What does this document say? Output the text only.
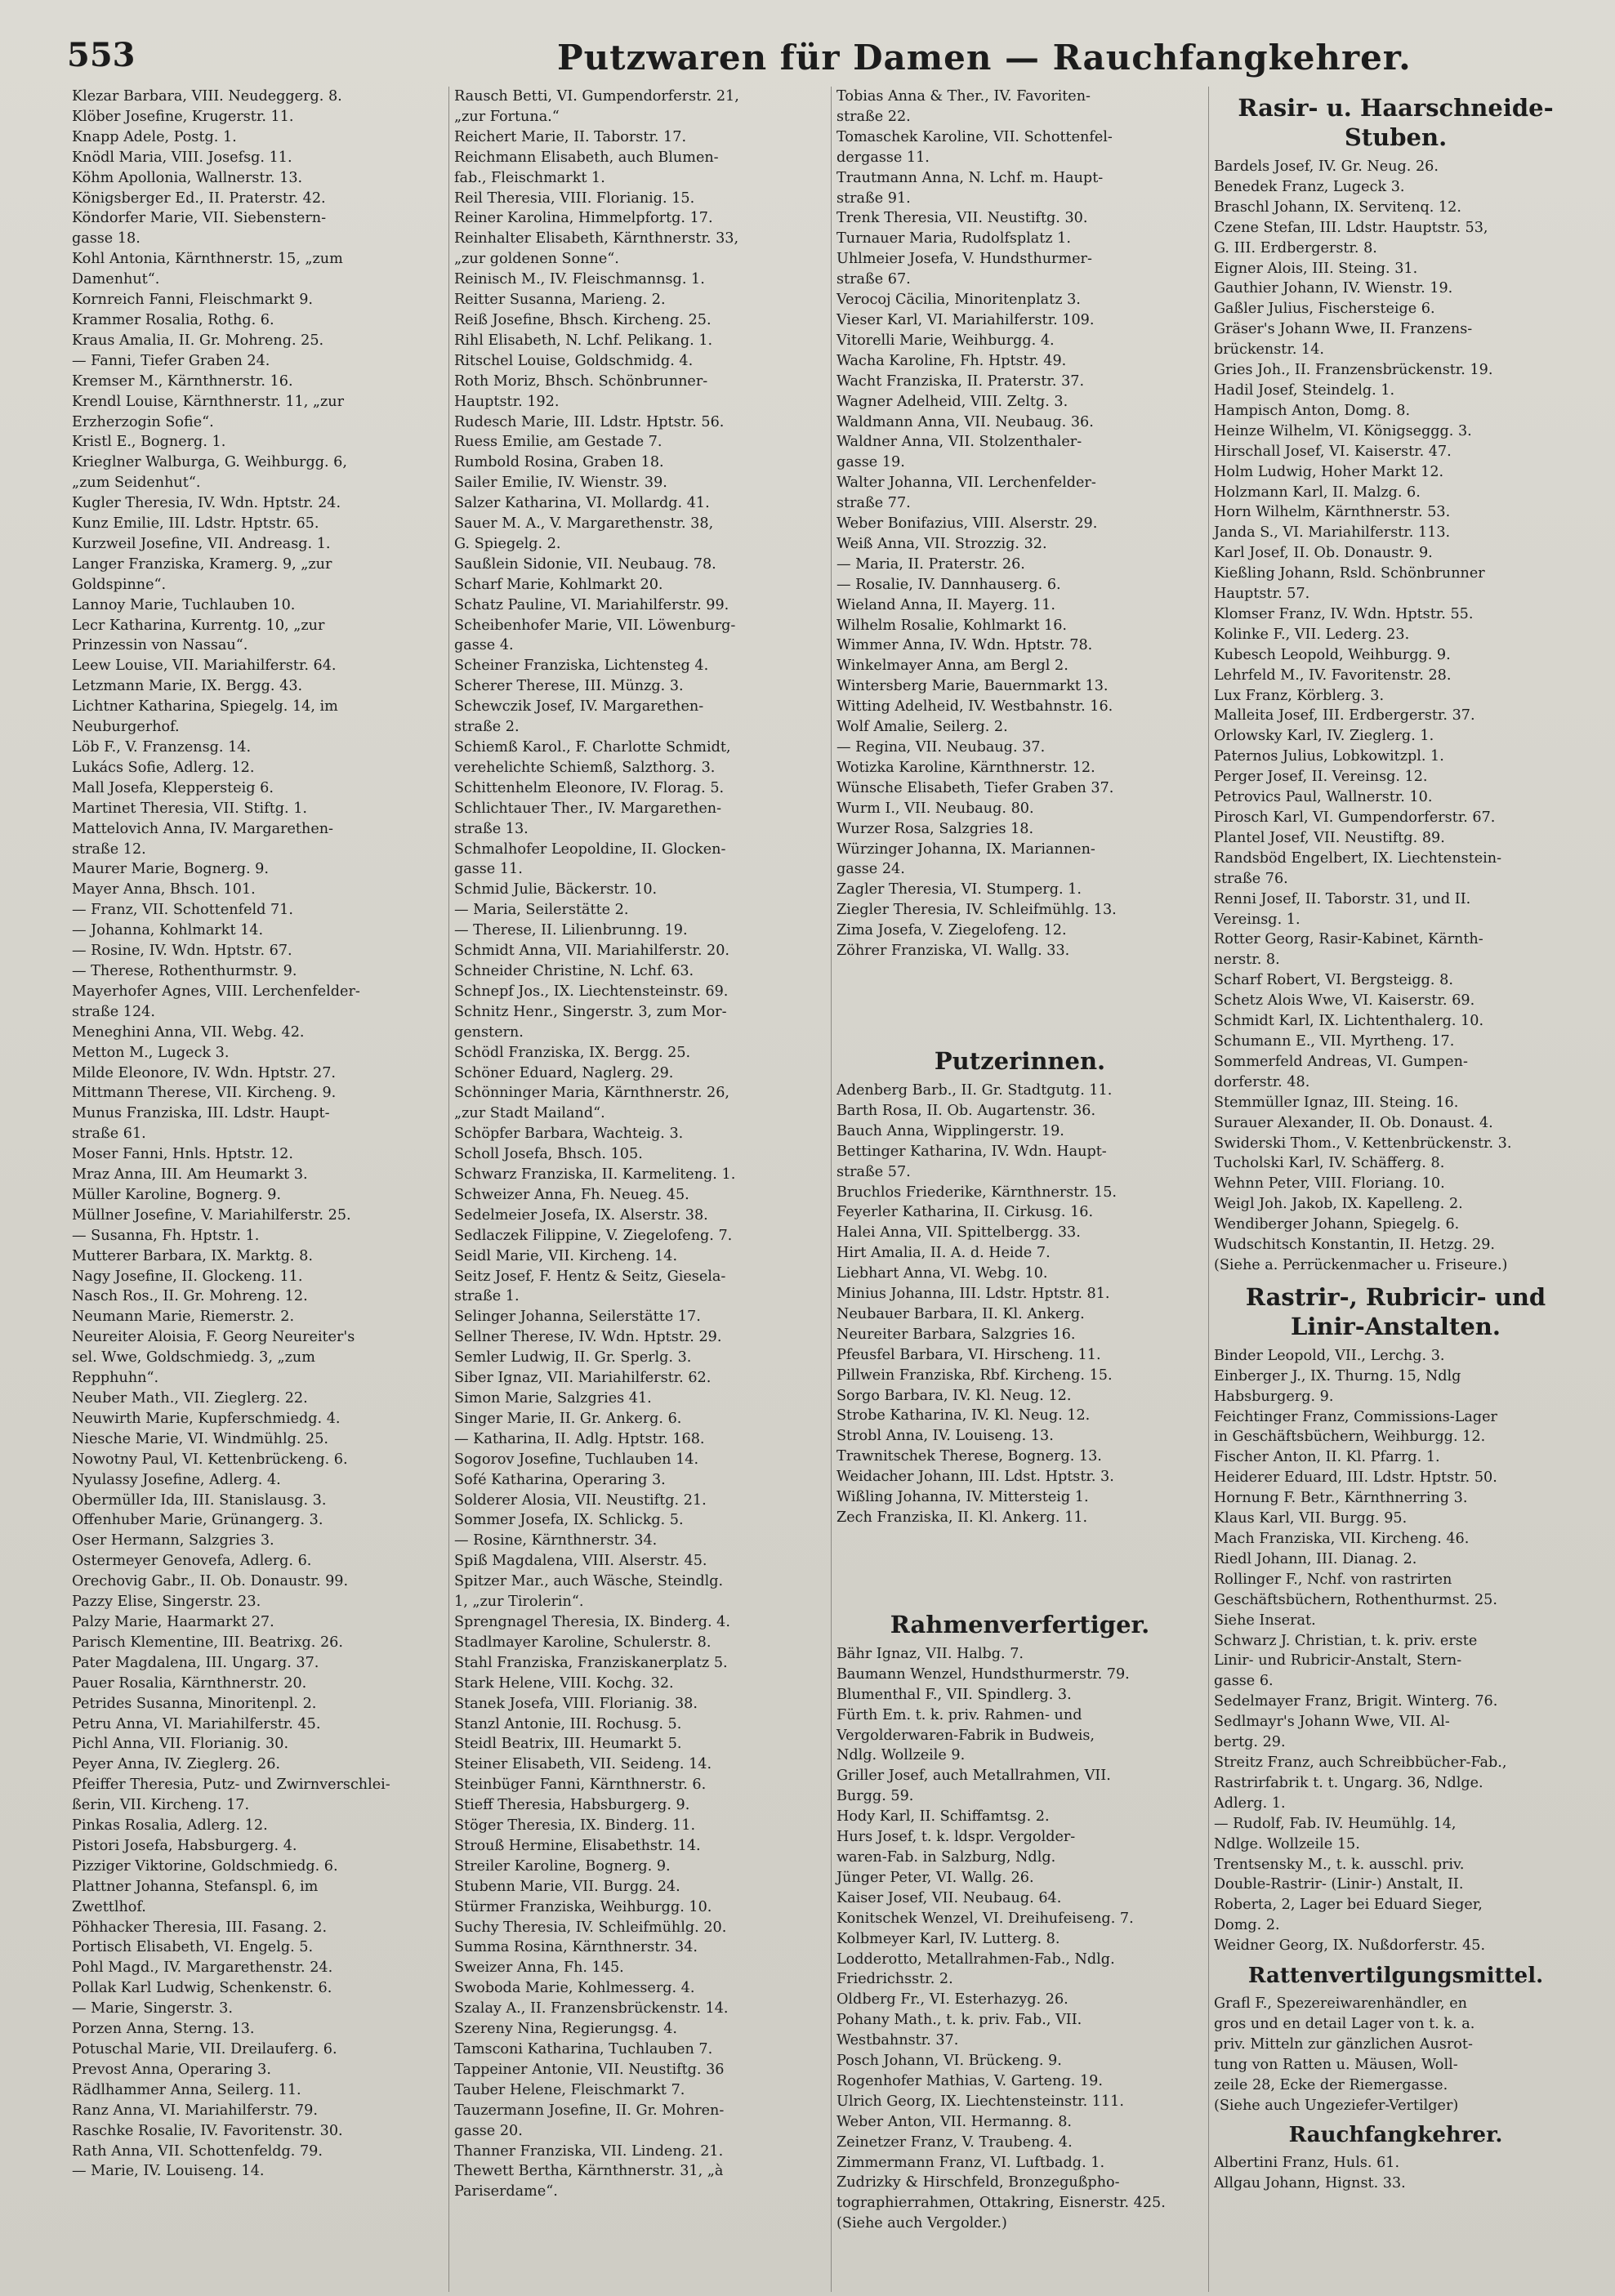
553	Putzwaren für Damen — Rauchfangkehrer.
Klezar Barbara, VIII. Neudeggerg. 8.
Klöber Josefine, Krugerstr. 11.
Knapp Adele, Postg. 1.
Knödl Maria, VIII. Josefsg. 11.
Köhm Apollonia, Wallnerstr. 13.
Königsberger Ed., II. Praterstr. 42.
Köndorfer Marie, VII. Siebenstern-
gasse 18.
Kohl Antonia, Kärnthnerstr. 15, „zum
Damenhut“.
Kornreich Fanni, Fleischmarkt 9.
Krammer Rosalia, Rothg. 6.
Kraus Amalia, II. Gr. Mohreng. 25.
— Fanni, Tiefer Graben 24.
Kremser M., Kärnthnerstr. 16.
Krendl Louise, Kärnthnerstr. 11, „zur
Erzherzogin Sofie“.
Kristl E., Bognerg. 1.
Krieglner Walburga, G. Weihburgg. 6,
„zum Seidenhut“.
Kugler Theresia, IV. Wdn. Hptstr. 24.
Kunz Emilie, III. Ldstr. Hptstr. 65.
Kurzweil Josefine, VII. Andreasg. 1.
Langer Franziska, Kramerg. 9, „zur
Goldspinne“.
Lannoy Marie, Tuchlauben 10.
Lecr Katharina, Kurrentg. 10, „zur
Prinzessin von Nassau“.
Leew Louise, VII. Mariahilferstr. 64.
Letzmann Marie, IX. Bergg. 43.
Lichtner Katharina, Spiegelg. 14, im
Neuburgerhof.
Löb F., V. Franzensg. 14.
Lukács Sofie, Adlerg. 12.
Mall Josefa, Kleppersteig 6.
Martinet Theresia, VII. Stiftg. 1.
Mattelovich Anna, IV. Margarethen-
straße 12.
Maurer Marie, Bognerg. 9.
Mayer Anna, Bhsch. 101.
— Franz, VII. Schottenfeld 71.
— Johanna, Kohlmarkt 14.
— Rosine, IV. Wdn. Hptstr. 67.
— Therese, Rothenthurmstr. 9.
Mayerhofer Agnes, VIII. Lerchenfelder-
straße 124.
Meneghini Anna, VII. Webg. 42.
Metton M., Lugeck 3.
Milde Eleonore, IV. Wdn. Hptstr. 27.
Mittmann Therese, VII. Kircheng. 9.
Munus Franziska, III. Ldstr. Haupt-
straße 61.
Moser Fanni, Hnls. Hptstr. 12.
Mraz Anna, III. Am Heumarkt 3.
Müller Karoline, Bognerg. 9.
Müllner Josefine, V. Mariahilferstr. 25.
— Susanna, Fh. Hptstr. 1.
Mutterer Barbara, IX. Marktg. 8.
Nagy Josefine, II. Glockeng. 11.
Nasch Ros., II. Gr. Mohreng. 12.
Neumann Marie, Riemerstr. 2.
Neureiter Aloisia, F. Georg Neureiter's
sel. Wwe, Goldschmiedg. 3, „zum
Repphuhn“.
Neuber Math., VII. Zieglerg. 22.
Neuwirth Marie, Kupferschmiedg. 4.
Niesche Marie, VI. Windmühlg. 25.
Nowotny Paul, VI. Kettenbrückeng. 6.
Nyulassy Josefine, Adlerg. 4.
Obermüller Ida, III. Stanislausg. 3.
Offenhuber Marie, Grünangerg. 3.
Oser Hermann, Salzgries 3.
Ostermeyer Genovefa, Adlerg. 6.
Orechovig Gabr., II. Ob. Donaustr. 99.
Pazzy Elise, Singerstr. 23.
Palzy Marie, Haarmarkt 27.
Parisch Klementine, III. Beatrixg. 26.
Pater Magdalena, III. Ungarg. 37.
Pauer Rosalia, Kärnthnerstr. 20.
Petrides Susanna, Minoritenpl. 2.
Petru Anna, VI. Mariahilferstr. 45.
Pichl Anna, VII. Florianig. 30.
Peyer Anna, IV. Zieglerg. 26.
Pfeiffer Theresia, Putz- und Zwirnverschlei-
ßerin, VII. Kircheng. 17.
Pinkas Rosalia, Adlerg. 12.
Pistori Josefa, Habsburgerg. 4.
Pizziger Viktorine, Goldschmiedg. 6.
Plattner Johanna, Stefanspl. 6, im
Zwettlhof.
Pöhhacker Theresia, III. Fasang. 2.
Portisch Elisabeth, VI. Engelg. 5.
Pohl Magd., IV. Margarethenstr. 24.
Pollak Karl Ludwig, Schenkenstr. 6.
— Marie, Singerstr. 3.
Porzen Anna, Sterng. 13.
Potuschal Marie, VII. Dreilauferg. 6.
Prevost Anna, Operaring 3.
Rädlhammer Anna, Seilerg. 11.
Ranz Anna, VI. Mariahilferstr. 79.
Raschke Rosalie, IV. Favoritenstr. 30.
Rath Anna, VII. Schottenfeldg. 79.
— Marie, IV. Louiseng. 14.
Rausch Betti, VI. Gumpendorferstr. 21,
„zur Fortuna.“
Reichert Marie, II. Taborstr. 17.
Reichmann Elisabeth, auch Blumen-
fab., Fleischmarkt 1.
Reil Theresia, VIII. Florianig. 15.
Reiner Karolina, Himmelpfortg. 17.
Reinhalter Elisabeth, Kärnthnerstr. 33,
„zur goldenen Sonne“.
Reinisch M., IV. Fleischmannsg. 1.
Reitter Susanna, Marieng. 2.
Reiß Josefine, Bhsch. Kircheng. 25.
Rihl Elisabeth, N. Lchf. Pelikang. 1.
Ritschel Louise, Goldschmidg. 4.
Roth Moriz, Bhsch. Schönbrunner-
Hauptstr. 192.
Rudesch Marie, III. Ldstr. Hptstr. 56.
Ruess Emilie, am Gestade 7.
Rumbold Rosina, Graben 18.
Sailer Emilie, IV. Wienstr. 39.
Salzer Katharina, VI. Mollardg. 41.
Sauer M. A., V. Margarethenstr. 38,
G. Spiegelg. 2.
Saußlein Sidonie, VII. Neubaug. 78.
Scharf Marie, Kohlmarkt 20.
Schatz Pauline, VI. Mariahilferstr. 99.
Scheibenhofer Marie, VII. Löwenburg-
gasse 4.
Scheiner Franziska, Lichtensteg 4.
Scherer Therese, III. Münzg. 3.
Schewczik Josef, IV. Margarethen-
straße 2.
Schiemß Karol., F. Charlotte Schmidt,
verehelichte Schiemß, Salzthorg. 3.
Schittenhelm Eleonore, IV. Florag. 5.
Schlichtauer Ther., IV. Margarethen-
straße 13.
Schmalhofer Leopoldine, II. Glocken-
gasse 11.
Schmid Julie, Bäckerstr. 10.
— Maria, Seilerstätte 2.
— Therese, II. Lilienbrunng. 19.
Schmidt Anna, VII. Mariahilferstr. 20.
Schneider Christine, N. Lchf. 63.
Schnepf Jos., IX. Liechtensteinstr. 69.
Schnitz Henr., Singerstr. 3, zum Mor-
genstern.
Schödl Franziska, IX. Bergg. 25.
Schöner Eduard, Naglerg. 29.
Schönninger Maria, Kärnthnerstr. 26,
„zur Stadt Mailand“.
Schöpfer Barbara, Wachteig. 3.
Scholl Josefa, Bhsch. 105.
Schwarz Franziska, II. Karmeliteng. 1.
Schweizer Anna, Fh. Neueg. 45.
Sedelmeier Josefa, IX. Alserstr. 38.
Sedlaczek Filippine, V. Ziegelofeng. 7.
Seidl Marie, VII. Kircheng. 14.
Seitz Josef, F. Hentz & Seitz, Giesela-
straße 1.
Selinger Johanna, Seilerstätte 17.
Sellner Therese, IV. Wdn. Hptstr. 29.
Semler Ludwig, II. Gr. Sperlg. 3.
Siber Ignaz, VII. Mariahilferstr. 62.
Simon Marie, Salzgries 41.
Singer Marie, II. Gr. Ankerg. 6.
— Katharina, II. Adlg. Hptstr. 168.
Sogorov Josefine, Tuchlauben 14.
Sofé Katharina, Operaring 3.
Solderer Alosia, VII. Neustiftg. 21.
Sommer Josefa, IX. Schlickg. 5.
— Rosine, Kärnthnerstr. 34.
Spiß Magdalena, VIII. Alserstr. 45.
Spitzer Mar., auch Wäsche, Steindlg.
1, „zur Tirolerin“.
Sprengnagel Theresia, IX. Binderg. 4.
Stadlmayer Karoline, Schulerstr. 8.
Stahl Franziska, Franziskanerplatz 5.
Stark Helene, VIII. Kochg. 32.
Stanek Josefa, VIII. Florianig. 38.
Stanzl Antonie, III. Rochusg. 5.
Steidl Beatrix, III. Heumarkt 5.
Steiner Elisabeth, VII. Seideng. 14.
Steinbüger Fanni, Kärnthnerstr. 6.
Stieff Theresia, Habsburgerg. 9.
Stöger Theresia, IX. Binderg. 11.
Strouß Hermine, Elisabethstr. 14.
Streiler Karoline, Bognerg. 9.
Stubenn Marie, VII. Burgg. 24.
Stürmer Franziska, Weihburgg. 10.
Suchy Theresia, IV. Schleifmühlg. 20.
Summa Rosina, Kärnthnerstr. 34.
Sweizer Anna, Fh. 145.
Swoboda Marie, Kohlmesserg. 4.
Szalay A., II. Franzensbrückenstr. 14.
Szereny Nina, Regierungsg. 4.
Tamsconi Katharina, Tuchlauben 7.
Tappeiner Antonie, VII. Neustiftg. 36
Tauber Helene, Fleischmarkt 7.
Tauzermann Josefine, II. Gr. Mohren-
gasse 20.
Thanner Franziska, VII. Lindeng. 21.
Thewett Bertha, Kärnthnerstr. 31, „à
Pariserdame“.
Tobias Anna & Ther., IV. Favoriten-
straße 22.
Tomaschek Karoline, VII. Schottenfel-
dergasse 11.
Trautmann Anna, N. Lchf. m. Haupt-
straße 91.
Trenk Theresia, VII. Neustiftg. 30.
Turnauer Maria, Rudolfsplatz 1.
Uhlmeier Josefa, V. Hundsthurmer-
straße 67.
Verocoj Cäcilia, Minoritenplatz 3.
Vieser Karl, VI. Mariahilferstr. 109.
Vitorelli Marie, Weihburgg. 4.
Wacha Karoline, Fh. Hptstr. 49.
Wacht Franziska, II. Praterstr. 37.
Wagner Adelheid, VIII. Zeltg. 3.
Waldmann Anna, VII. Neubaug. 36.
Waldner Anna, VII. Stolzenthaler-
gasse 19.
Walter Johanna, VII. Lerchenfelder-
straße 77.
Weber Bonifazius, VIII. Alserstr. 29.
Weiß Anna, VII. Strozzig. 32.
— Maria, II. Praterstr. 26.
— Rosalie, IV. Dannhauserg. 6.
Wieland Anna, II. Mayerg. 11.
Wilhelm Rosalie, Kohlmarkt 16.
Wimmer Anna, IV. Wdn. Hptstr. 78.
Winkelmayer Anna, am Bergl 2.
Wintersberg Marie, Bauernmarkt 13.
Witting Adelheid, IV. Westbahnstr. 16.
Wolf Amalie, Seilerg. 2.
— Regina, VII. Neubaug. 37.
Wotizka Karoline, Kärnthnerstr. 12.
Wünsche Elisabeth, Tiefer Graben 37.
Wurm I., VII. Neubaug. 80.
Wurzer Rosa, Salzgries 18.
Würzinger Johanna, IX. Mariannen-
gasse 24.
Zagler Theresia, VI. Stumperg. 1.
Ziegler Theresia, IV. Schleifmühlg. 13.
Zima Josefa, V. Ziegelofeng. 12.
Zöhrer Franziska, VI. Wallg. 33.
Putzerinnen.
Adenberg Barb., II. Gr. Stadtgutg. 11.
Barth Rosa, II. Ob. Augartenstr. 36.
Bauch Anna, Wipplingerstr. 19.
Bettinger Katharina, IV. Wdn. Haupt-
straße 57.
Bruchlos Friederike, Kärnthnerstr. 15.
Feyerler Katharina, II. Cirkusg. 16.
Halei Anna, VII. Spittelbergg. 33.
Hirt Amalia, II. A. d. Heide 7.
Liebhart Anna, VI. Webg. 10.
Minius Johanna, III. Ldstr. Hptstr. 81.
Neubauer Barbara, II. Kl. Ankerg.
Neureiter Barbara, Salzgries 16.
Pfeusfel Barbara, VI. Hirscheng. 11.
Pillwein Franziska, Rbf. Kircheng. 15.
Sorgo Barbara, IV. Kl. Neug. 12.
Strobe Katharina, IV. Kl. Neug. 12.
Strobl Anna, IV. Louiseng. 13.
Trawnitschek Therese, Bognerg. 13.
Weidacher Johann, III. Ldst. Hptstr. 3.
Wißling Johanna, IV. Mittersteig 1.
Zech Franziska, II. Kl. Ankerg. 11.
Rahmenverfertiger.
Bähr Ignaz, VII. Halbg. 7.
Baumann Wenzel, Hundsthurmerstr. 79.
Blumenthal F., VII. Spindlerg. 3.
Fürth Em. t. k. priv. Rahmen- und
Vergolderwaren-Fabrik in Budweis,
Ndlg. Wollzeile 9.
Griller Josef, auch Metallrahmen, VII.
Burgg. 59.
Hody Karl, II. Schiffamtsg. 2.
Hurs Josef, t. k. ldspr. Vergolder-
waren-Fab. in Salzburg, Ndlg.
Jünger Peter, VI. Wallg. 26.
Kaiser Josef, VII. Neubaug. 64.
Konitschek Wenzel, VI. Dreihufeiseng. 7.
Kolbmeyer Karl, IV. Lutterg. 8.
Lodderotto, Metallrahmen-Fab., Ndlg.
Friedrichsstr. 2.
Oldberg Fr., VI. Esterhazyg. 26.
Pohany Math., t. k. priv. Fab., VII.
Westbahnstr. 37.
Posch Johann, VI. Brückeng. 9.
Rogenhofer Mathias, V. Garteng. 19.
Ulrich Georg, IX. Liechtensteinstr. 111.
Weber Anton, VII. Hermanng. 8.
Zeinetzer Franz, V. Traubeng. 4.
Zimmermann Franz, VI. Luftbadg. 1.
Zudrizky & Hirschfeld, Bronzegußpho-
tographierrahmen, Ottakring, Eisnerstr. 425.
(Siehe auch Vergolder.)
Rasir- u. Haarschneide-Stuben.
Bardels Josef, IV. Gr. Neug. 26.
Benedek Franz, Lugeck 3.
Braschl Johann, IX. Servitenq. 12.
Czene Stefan, III. Ldstr. Hauptstr. 53,
G. III. Erdbergerstr. 8.
Eigner Alois, III. Steing. 31.
Gauthier Johann, IV. Wienstr. 19.
Gaßler Julius, Fischersteige 6.
Gräser's Johann Wwe, II. Franzens-
brückenstr. 14.
Gries Joh., II. Franzensbrückenstr. 19.
Hadil Josef, Steindelg. 1.
Hampisch Anton, Domg. 8.
Heinze Wilhelm, VI. Königseggg. 3.
Hirschall Josef, VI. Kaiserstr. 47.
Holm Ludwig, Hoher Markt 12.
Holzmann Karl, II. Malzg. 6.
Horn Wilhelm, Kärnthnerstr. 53.
Janda S., VI. Mariahilferstr. 113.
Karl Josef, II. Ob. Donaustr. 9.
Kießling Johann, Rsld. Schönbrunner
Hauptstr. 57.
Klomser Franz, IV. Wdn. Hptstr. 55.
Kolinke F., VII. Lederg. 23.
Kubesch Leopold, Weihburgg. 9.
Lehrfeld M., IV. Favoritenstr. 28.
Lux Franz, Körblerg. 3.
Malleita Josef, III. Erdbergerstr. 37.
Orlowsky Karl, IV. Zieglerg. 1.
Paternos Julius, Lobkowitzpl. 1.
Perger Josef, II. Vereinsg. 12.
Petrovics Paul, Wallnerstr. 10.
Pirosch Karl, VI. Gumpendorferstr. 67.
Plantel Josef, VII. Neustiftg. 89.
Randsböd Engelbert, IX. Liechtenstein-
straße 76.
Renni Josef, II. Taborstr. 31, und II.
Vereinsg. 1.
Rotter Georg, Rasir-Kabinet, Kärnth-
nerstr. 8.
Scharf Robert, VI. Bergsteigg. 8.
Schetz Alois Wwe, VI. Kaiserstr. 69.
Schmidt Karl, IX. Lichtenthalerg. 10.
Schumann E., VII. Myrtheng. 17.
Sommerfeld Andreas, VI. Gumpen-
dorferstr. 48.
Stemmüller Ignaz, III. Steing. 16.
Surauer Alexander, II. Ob. Donaust. 4.
Swiderski Thom., V. Kettenbrückenstr. 3.
Tucholski Karl, IV. Schäfferg. 8.
Wehnn Peter, VIII. Floriang. 10.
Weigl Joh. Jakob, IX. Kapelleng. 2.
Wendiberger Johann, Spiegelg. 6.
Wudschitsch Konstantin, II. Hetzg. 29.
(Siehe a. Perrückenmacher u. Friseure.)
Rastrir-, Rubricir- und Linir-Anstalten.
Binder Leopold, VII., Lerchg. 3.
Einberger J., IX. Thurng. 15, Ndlg
Habsburgerg. 9.
Feichtinger Franz, Commissions-Lager
in Geschäftsbüchern, Weihburgg. 12.
Fischer Anton, II. Kl. Pfarrg. 1.
Heiderer Eduard, III. Ldstr. Hptstr. 50.
Hornung F. Betr., Kärnthnerring 3.
Klaus Karl, VII. Burgg. 95.
Mach Franziska, VII. Kircheng. 46.
Riedl Johann, III. Dianag. 2.
Rollinger F., Nchf. von rastrirten
Geschäftsbüchern, Rothenthurmst. 25.
Siehe Inserat.
Schwarz J. Christian, t. k. priv. erste
Linir- und Rubricir-Anstalt, Stern-
gasse 6.
Sedelmayer Franz, Brigit. Winterg. 76.
Sedlmayr's Johann Wwe, VII. Al-
bertg. 29.
Streitz Franz, auch Schreibbücher-Fab.,
Rastrirfabrik t. t. Ungarg. 36, Ndlge.
Adlerg. 1.
— Rudolf, Fab. IV. Heumühlg. 14,
Ndlge. Wollzeile 15.
Trentsensky M., t. k. ausschl. priv.
Double-Rastrir- (Linir-) Anstalt, II.
Roberta, 2, Lager bei Eduard Sieger,
Domg. 2.
Weidner Georg, IX. Nußdorferstr. 45.
Rattenvertilgungsmittel.
Grafl F., Spezereiwarenhändler, en
gros und en detail Lager von t. k. a.
priv. Mitteln zur gänzlichen Ausrot-
tung von Ratten u. Mäusen, Woll-
zeile 28, Ecke der Riemergasse.
(Siehe auch Ungeziefer-Vertilger)
Rauchfangkehrer.
Albertini Franz, Huls. 61.
Allgau Johann, Hignst. 33.
